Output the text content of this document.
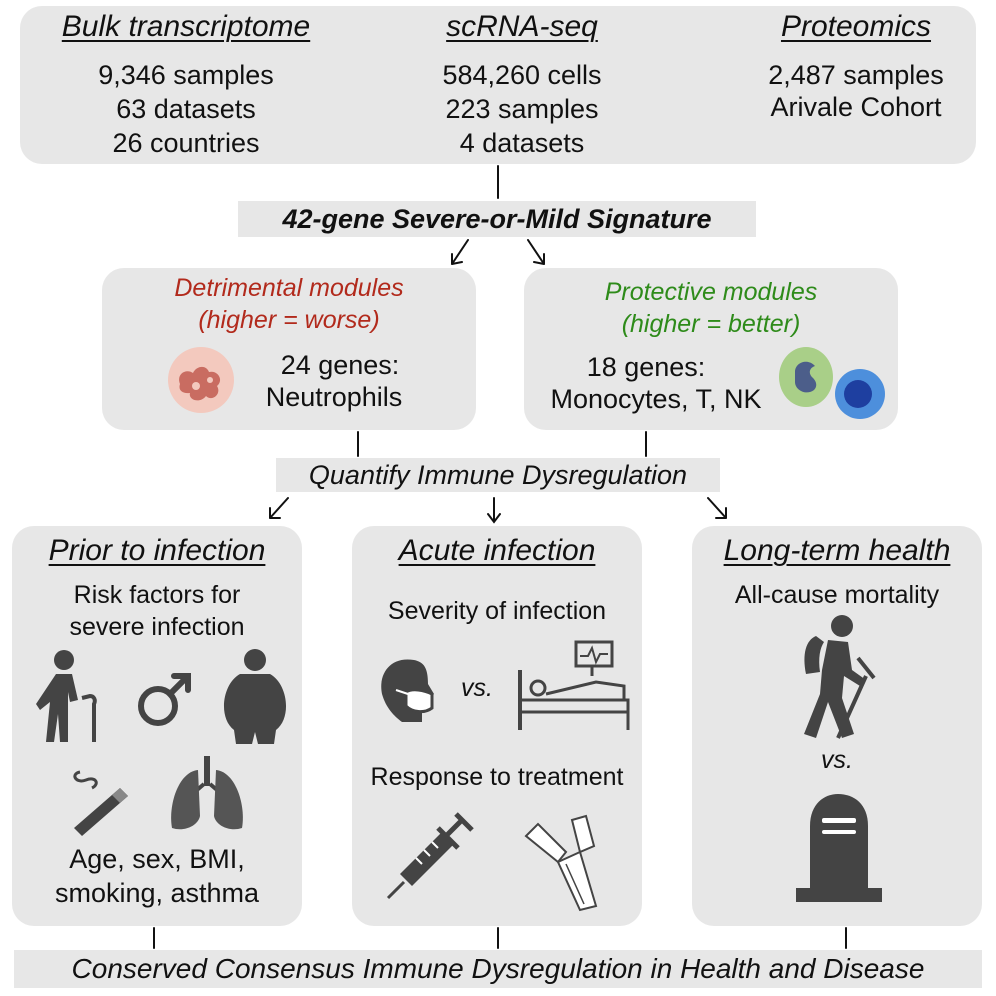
Bulk transcriptome
9,346 samples
63 datasets
26 countries
scRNA-seq
584,260 cells
223 samples
4 datasets
Proteomics
2,487 samples
Arivale Cohort
42-gene Severe-or-Mild Signature
Detrimental modules
(higher = worse)
24 genes:
Neutrophils
Protective modules
(higher = better)
18 genes:
Monocytes, T, NK
Quantify Immune Dysregulation
Prior to infection
Risk factors for
severe infection
Age, sex, BMI,
smoking, asthma
Acute infection
Severity of infection
vs.
Response to treatment
Long-term health
All-cause mortality
vs.
Conserved Consensus Immune Dysregulation in Health and Disease
